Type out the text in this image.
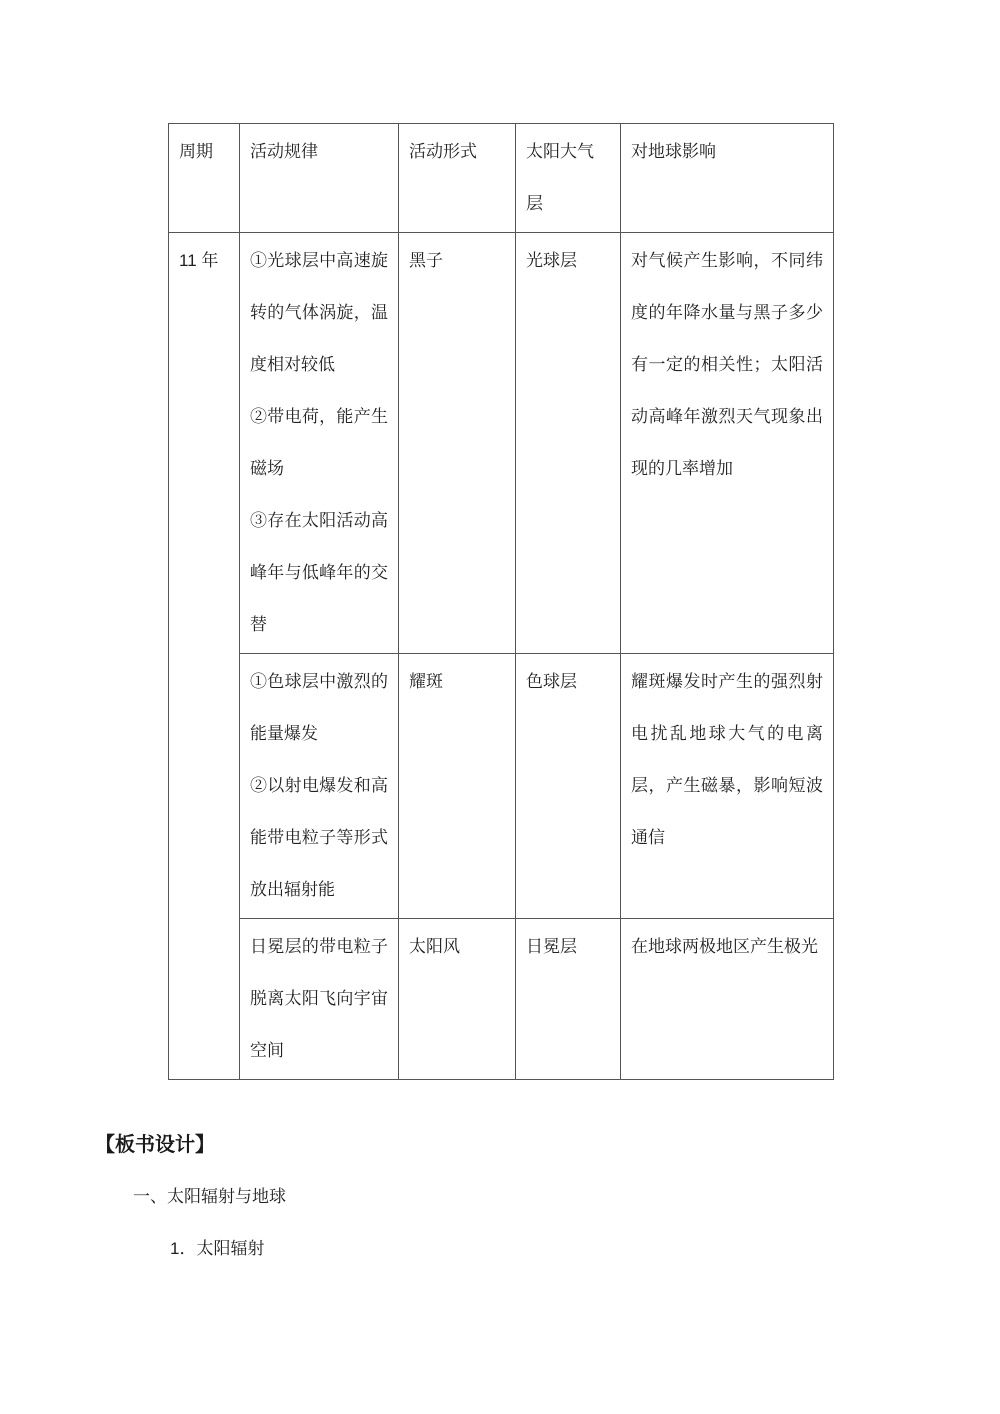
周期	活动规律	活动形式	太阳大气层	对地球影响
11 年	①光球层中高速旋转的气体涡旋，温度相对较低

②带电荷，能产生磁场

③存在太阳活动高峰年与低峰年的交替	黑子	光球层	对气候产生影响，不同纬度的年降水量与黑子多少有一定的相关性；太阳活动高峰年激烈天气现象出现的几率增加

	①色球层中激烈的能量爆发

②以射电爆发和高能带电粒子等形式放出辐射能	耀斑	色球层	耀斑爆发时产生的强烈射电扰乱地球大气的电离层，产生磁暴，影响短波通信

	日冕层的带电粒子脱离太阳飞向宇宙空间	太阳风	日冕层	在地球两极地区产生极光
【板书设计】
一、太阳辐射与地球
1．太阳辐射
